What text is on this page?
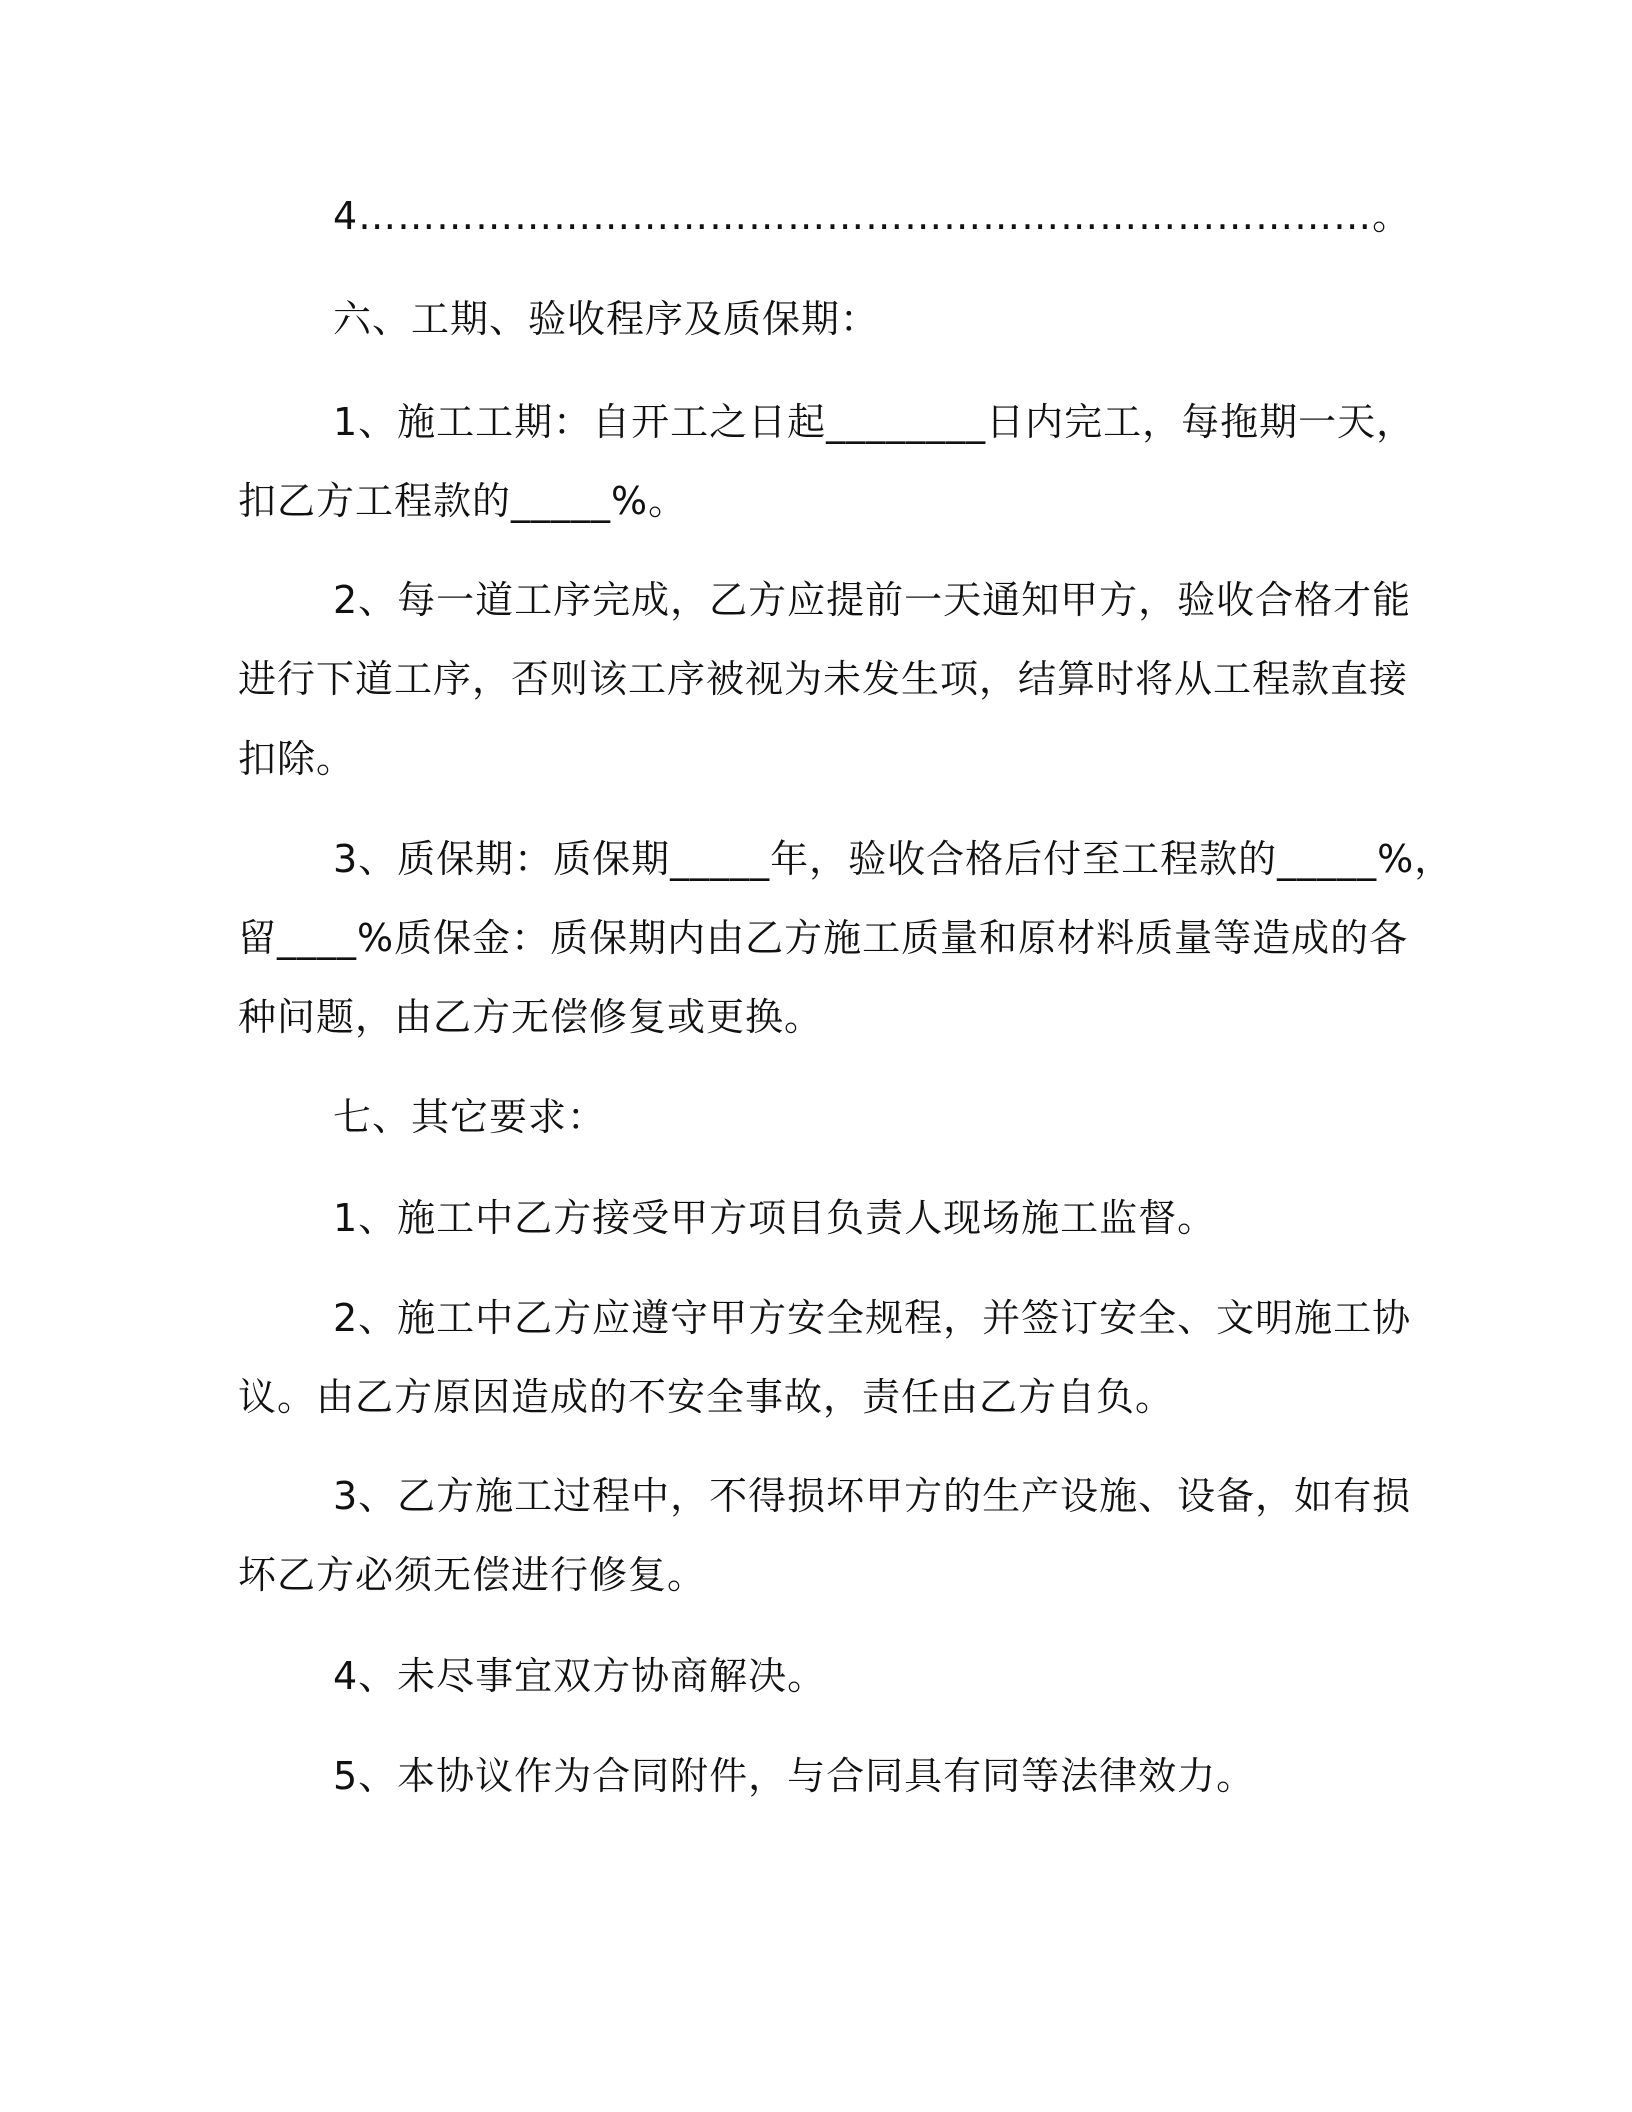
4……………………………………………………………………。
六、工期、验收程序及质保期：
1、施工工期：自开工之日起________日内完工，每拖期一天，
扣乙方工程款的_____%。
2、每一道工序完成，乙方应提前一天通知甲方，验收合格才能
进行下道工序，否则该工序被视为未发生项，结算时将从工程款直接
扣除。
3、质保期：质保期_____年，验收合格后付至工程款的_____%，
留____%质保金：质保期内由乙方施工质量和原材料质量等造成的各
种问题，由乙方无偿修复或更换。
七、其它要求：
1、施工中乙方接受甲方项目负责人现场施工监督。
2、施工中乙方应遵守甲方安全规程，并签订安全、文明施工协
议。由乙方原因造成的不安全事故，责任由乙方自负。
3、乙方施工过程中，不得损坏甲方的生产设施、设备，如有损
坏乙方必须无偿进行修复。
4、未尽事宜双方协商解决。
5、本协议作为合同附件，与合同具有同等法律效力。
